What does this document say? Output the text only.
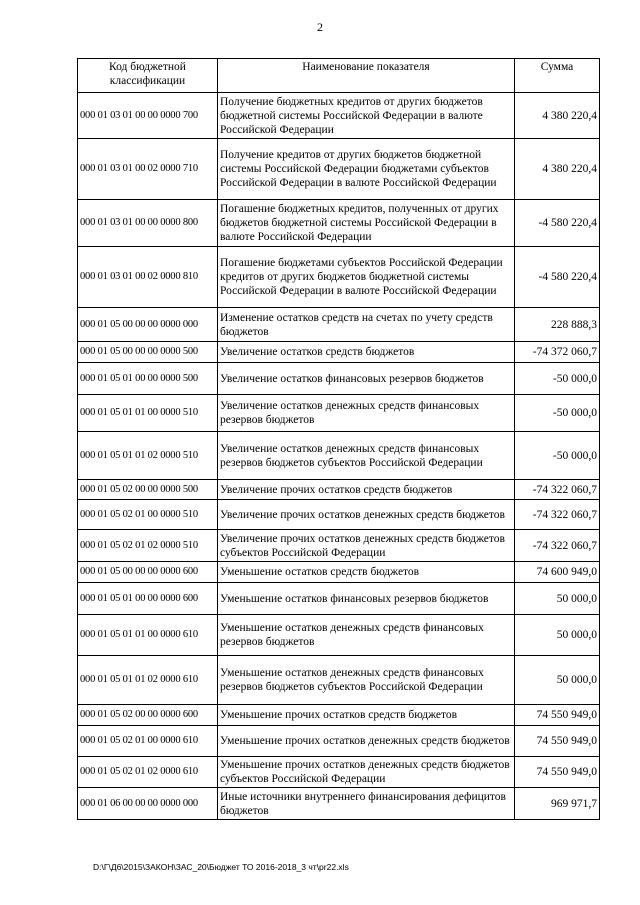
2
Код бюджетной классификации	Наименование показателя	Сумма
000 01 03 01 00 00 0000 700	Получение бюджетных кредитов от других бюджетов бюджетной системы Российской Федерации в валюте Российской Федерации	4 380 220,4
000 01 03 01 00 02 0000 710	Получение кредитов от других бюджетов бюджетной системы Российской Федерации бюджетами субъектов Российской Федерации в валюте Российской Федерации	4 380 220,4
000 01 03 01 00 00 0000 800	Погашение бюджетных кредитов, полученных от других бюджетов бюджетной системы Российской Федерации в валюте Российской Федерации	-4 580 220,4
000 01 03 01 00 02 0000 810	Погашение бюджетами субъектов Российской Федерации кредитов от других бюджетов бюджетной системы Российской Федерации в валюте Российской Федерации	-4 580 220,4
000 01 05 00 00 00 0000 000	Изменение остатков средств на счетах по учету средств бюджетов	228 888,3
000 01 05 00 00 00 0000 500	Увеличение остатков средств бюджетов	-74 372 060,7
000 01 05 01 00 00 0000 500	Увеличение остатков финансовых резервов бюджетов	-50 000,0
000 01 05 01 01 00 0000 510	Увеличение остатков денежных средств финансовых резервов бюджетов	-50 000,0
000 01 05 01 01 02 0000 510	Увеличение остатков денежных средств финансовых резервов бюджетов субъектов Российской Федерации	-50 000,0
000 01 05 02 00 00 0000 500	Увеличение прочих остатков средств бюджетов	-74 322 060,7
000 01 05 02 01 00 0000 510	Увеличение прочих остатков денежных средств бюджетов	-74 322 060,7
000 01 05 02 01 02 0000 510	Увеличение прочих остатков денежных средств бюджетов субъектов Российской Федерации	-74 322 060,7
000 01 05 00 00 00 0000 600	Уменьшение остатков средств бюджетов	74 600 949,0
000 01 05 01 00 00 0000 600	Уменьшение остатков финансовых резервов бюджетов	50 000,0
000 01 05 01 01 00 0000 610	Уменьшение остатков денежных средств финансовых резервов бюджетов	50 000,0
000 01 05 01 01 02 0000 610	Уменьшение остатков денежных средств финансовых резервов бюджетов субъектов Российской Федерации	50 000,0
000 01 05 02 00 00 0000 600	Уменьшение прочих остатков средств бюджетов	74 550 949,0
000 01 05 02 01 00 0000 610	Уменьшение прочих остатков денежных средств бюджетов	74 550 949,0
000 01 05 02 01 02 0000 610	Уменьшение прочих остатков денежных средств бюджетов субъектов Российской Федерации	74 550 949,0
000 01 06 00 00 00 0000 000	Иные источники внутреннего финансирования дефицитов бюджетов	969 971,7
D:\Г\Д6\2015\ЗАКОН\ЗАС_20\Бюджет ТО 2016-2018_3 чт\pr22.xls
